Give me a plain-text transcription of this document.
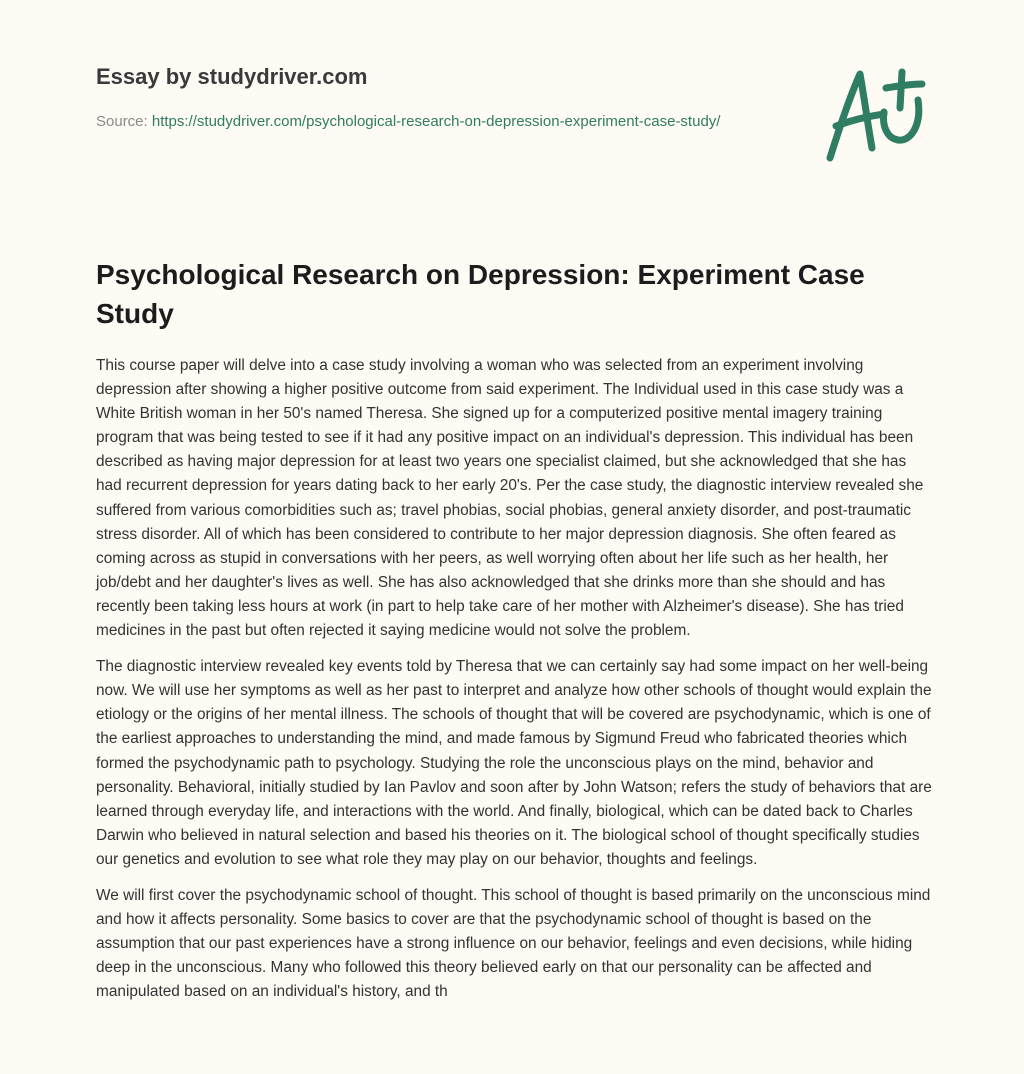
Essay by studydriver.com
Source: https://studydriver.com/psychological-research-on-depression-experiment-case-study/
Psychological Research on Depression: Experiment Case Study

This course paper will delve into a case study involving a woman who was selected from an experiment involving depression after showing a higher positive outcome from said experiment. The Individual used in this case study was a White British woman in her 50's named Theresa. She signed up for a computerized positive mental imagery training program that was being tested to see if it had any positive impact on an individual's depression. This individual has been described as having major depression for at least two years one specialist claimed, but she acknowledged that she has had recurrent depression for years dating back to her early 20's. Per the case study, the diagnostic interview revealed she suffered from various comorbidities such as; travel phobias, social phobias, general anxiety disorder, and post-traumatic stress disorder. All of which has been considered to contribute to her major depression diagnosis. She often feared as coming across as stupid in conversations with her peers, as well worrying often about her life such as her health, her job/debt and her daughter's lives as well. She has also acknowledged that she drinks more than she should and has recently been taking less hours at work (in part to help take care of her mother with Alzheimer's disease). She has tried medicines in the past but often rejected it saying medicine would not solve the problem.

The diagnostic interview revealed key events told by Theresa that we can certainly say had some impact on her well-being now. We will use her symptoms as well as her past to interpret and analyze how other schools of thought would explain the etiology or the origins of her mental illness. The schools of thought that will be covered are psychodynamic, which is one of the earliest approaches to understanding the mind, and made famous by Sigmund Freud who fabricated theories which formed the psychodynamic path to psychology. Studying the role the unconscious plays on the mind, behavior and personality. Behavioral, initially studied by Ian Pavlov and soon after by John Watson; refers the study of behaviors that are learned through everyday life, and interactions with the world. And finally, biological, which can be dated back to Charles Darwin who believed in natural selection and based his theories on it. The biological school of thought specifically studies our genetics and evolution to see what role they may play on our behavior, thoughts and feelings.

We will first cover the psychodynamic school of thought. This school of thought is based primarily on the unconscious mind and how it affects personality. Some basics to cover are that the psychodynamic school of thought is based on the assumption that our past experiences have a strong influence on our behavior, feelings and even decisions, while hiding deep in the unconscious. Many who followed this theory believed early on that our personality can be affected and manipulated based on an individual's history, and th
